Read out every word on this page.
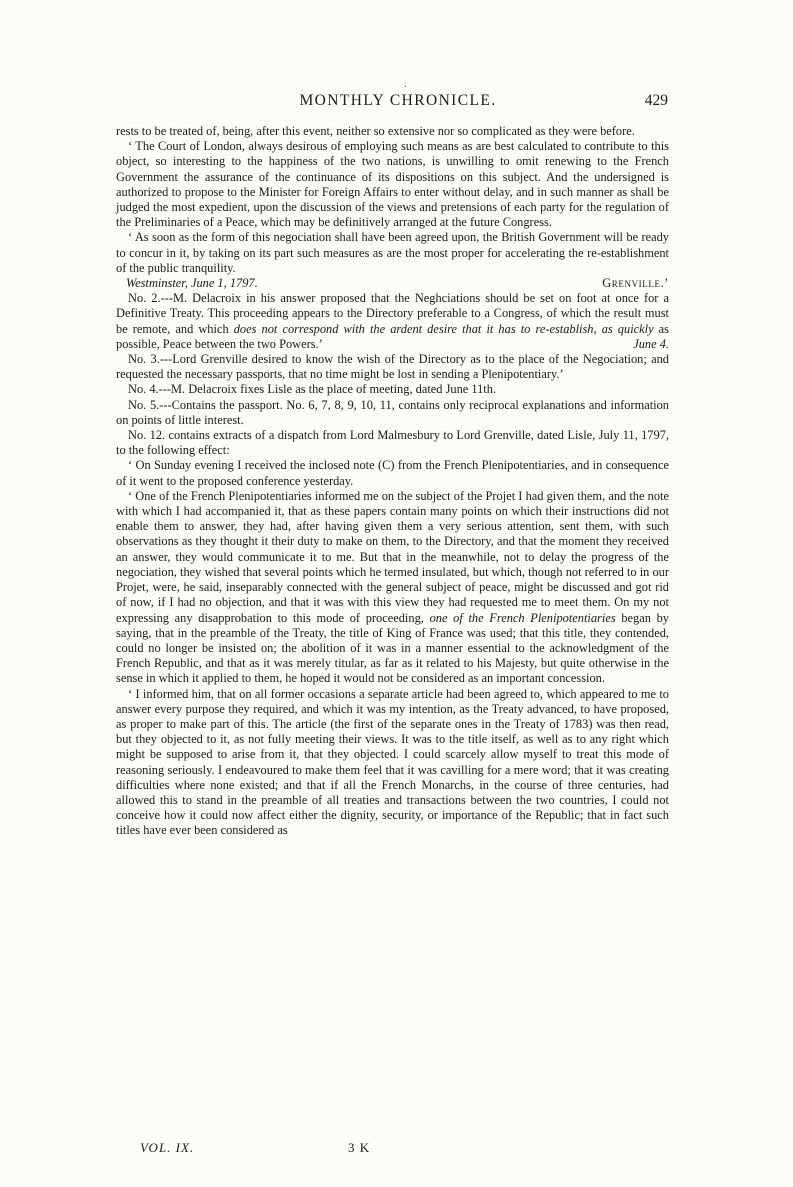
.
MONTHLY CHRONICLE.	429

rests to be treated of, being, after this event, neither so extensive nor so complicated as they were before.

‘ The Court of London, always desirous of employing such means as are best calculated to contribute to this object, so interesting to the happiness of the two nations, is unwilling to omit renewing to the French Government the assurance of the continuance of its dispositions on this subject. And the undersigned is authorized to propose to the Minister for Foreign Affairs to enter without delay, and in such manner as shall be judged the most expedient, upon the discussion of the views and pretensions of each party for the regulation of the Preliminaries of a Peace, which may be definitively arranged at the future Congress.

‘ As soon as the form of this negociation shall have been agreed upon, the British Government will be ready to concur in it, by taking on its part such measures as are the most proper for accelerating the re-establishment of the public tranquility.

Westminster, June 1, 1797.	Grenville.’

No. 2.---M. Delacroix in his answer proposed that the Neghciations should be set on foot at once for a Definitive Treaty. This proceeding appears to the Directory preferable to a Congress, of which the result must be remote, and which does not correspond with the ardent desire that it has to re-establish, as quickly as possible, Peace between the two Powers.’	June 4.

No. 3.---Lord Grenville desired to know the wish of the Directory as to the place of the Negociation; and requested the necessary passports, that no time might be lost in sending a Plenipotentiary.’

No. 4.---M. Delacroix fixes Lisle as the place of meeting, dated June 11th.

No. 5.---Contains the passport. No. 6, 7, 8, 9, 10, 11, contains only reciprocal explanations and information on points of little interest.

No. 12. contains extracts of a dispatch from Lord Malmesbury to Lord Grenville, dated Lisle, July 11, 1797, to the following effect:

‘ On Sunday evening I received the inclosed note (C) from the French Plenipotentiaries, and in consequence of it went to the proposed conference yesterday.

‘ One of the French Plenipotentiaries informed me on the subject of the Projet I had given them, and the note with which I had accompanied it, that as these papers contain many points on which their instructions did not enable them to answer, they had, after having given them a very serious attention, sent them, with such observations as they thought it their duty to make on them, to the Directory, and that the moment they received an answer, they would communicate it to me. But that in the meanwhile, not to delay the progress of the negociation, they wished that several points which he termed insulated, but which, though not referred to in our Projet, were, he said, inseparably connected with the general subject of peace, might be discussed and got rid of now, if I had no objection, and that it was with this view they had requested me to meet them. On my not expressing any disapprobation to this mode of proceeding, one of the French Plenipotentiaries began by saying, that in the preamble of the Treaty, the title of King of France was used; that this title, they contended, could no longer be insisted on; the abolition of it was in a manner essential to the acknowledgment of the French Republic, and that as it was merely titular, as far as it related to his Majesty, but quite otherwise in the sense in which it applied to them, he hoped it would not be considered as an important concession.

‘ I informed him, that on all former occasions a separate article had been agreed to, which appeared to me to answer every purpose they required, and which it was my intention, as the Treaty advanced, to have proposed, as proper to make part of this. The article (the first of the separate ones in the Treaty of 1783) was then read, but they objected to it, as not fully meeting their views. It was to the title itself, as well as to any right which might be supposed to arise from it, that they objected. I could scarcely allow myself to treat this mode of reasoning seriously. I endeavoured to make them feel that it was cavilling for a mere word; that it was creating difficulties where none existed; and that if all the French Monarchs, in the course of three centuries, had allowed this to stand in the preamble of all treaties and transactions between the two countries, I could not conceive how it could now affect either the dignity, security, or importance of the Republic; that in fact such titles have ever been considered as

VOL. IX.	3 K
